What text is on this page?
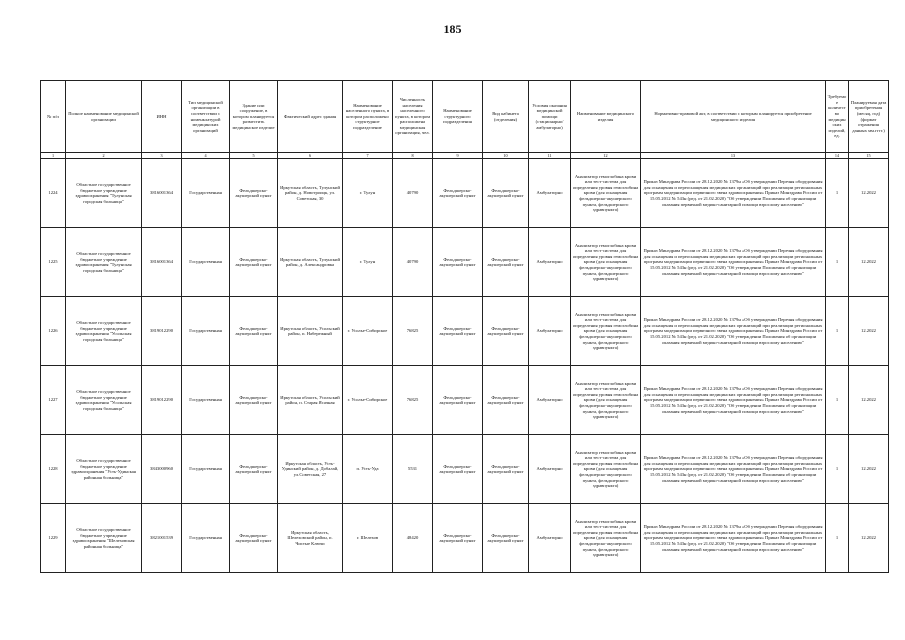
185
№ п/п	Полное наименование медицинской организации	ИНН	Тип медицинской организации в соответствии с номенклатурой медицинских организаций	Здание или сооружение, в котором планируется разместить медицинское изделие	Фактический адрес здания	Наименование населенного пункта, в котором расположено структурное подразделение	Численность населения населенного пункта, в котором расположена медицинская организация, чел.	Наименование структурного подразделения	Вид кабинета (отделения)	Условия оказания медицинской помощи (стационарно/амбулаторно)	Наименование медицинского изделия	Нормативно-правовой акт, в соответствии с которым планируется приобретение медицинского изделия	Требуемое количество медицинских изделий, ед.	Планируемая дата приобретения (месяц, год) (формат отражения данных мм.гггг.)
1	2	3	4	5	6	7	8	9	10	11	12	13	14	15
1224	Областное государственное бюджетное учреждение здравоохранения "Тулунская городская больница"	3816001364	Государственная	Фельдшерско-акушерский пункт	Иркутская область, Тулунский район, д. Новотроицк, ул. Советская, 30	г. Тулун	40790	Фельдшерско-акушерский пункт	Фельдшерско-акушерский пункт	Амбулаторно	Анализатор гемоглобина крови или тест-система для определения уровня гемоглобина крови (для оснащения фельдшерско-акушерского пункта, фельдшерского здравпункта)	Приказ Минздрава России от 28.12.2020 № 1379н «Об утверждении Перечня оборудования для оснащения и переоснащения медицинских организаций при реализации региональных программ модернизации первичного звена здравоохранения» Приказ Минздрава России от 15.05.2012 № 543н (ред. от 21.02.2020) "Об утверждении Положения об организации оказания первичной медико-санитарной помощи взрослому населению"	1	12.2022
1225	Областное государственное бюджетное учреждение здравоохранения "Тулунская городская больница"	3816001364	Государственная	Фельдшерско-акушерский пункт	Иркутская область, Тулунский район, д. Александровка	г. Тулун	40790	Фельдшерско-акушерский пункт	Фельдшерско-акушерский пункт	Амбулаторно	Анализатор гемоглобина крови или тест-система для определения уровня гемоглобина крови (для оснащения фельдшерско-акушерского пункта, фельдшерского здравпункта)	Приказ Минздрава России от 28.12.2020 № 1379н «Об утверждении Перечня оборудования для оснащения и переоснащения медицинских организаций при реализации региональных программ модернизации первичного звена здравоохранения» Приказ Минздрава России от 15.05.2012 № 543н (ред. от 21.02.2020) "Об утверждении Положения об организации оказания первичной медико-санитарной помощи взрослому населению"	1	12.2022
1226	Областное государственное бюджетное учреждение здравоохранения "Усольская городская больница"	3819012290	Государственная	Фельдшерско-акушерский пункт	Иркутская область, Усольский район, п. Набережный	г. Усолье-Сибирское	76825	Фельдшерско-акушерский пункт	Фельдшерско-акушерский пункт	Амбулаторно	Анализатор гемоглобина крови или тест-система для определения уровня гемоглобина крови (для оснащения фельдшерско-акушерского пункта, фельдшерского здравпункта)	Приказ Минздрава России от 28.12.2020 № 1379н «Об утверждении Перечня оборудования для оснащения и переоснащения медицинских организаций при реализации региональных программ модернизации первичного звена здравоохранения» Приказ Минздрава России от 15.05.2012 № 543н (ред. от 21.02.2020) "Об утверждении Положения об организации оказания первичной медико-санитарной помощи взрослому населению"	1	12.2022
1227	Областное государственное бюджетное учреждение здравоохранения "Усольская городская больница"	3819012290	Государственная	Фельдшерско-акушерский пункт	Иркутская область, Усольский район, п. Старая Ясачная	г. Усолье-Сибирское	76825	Фельдшерско-акушерский пункт	Фельдшерско-акушерский пункт	Амбулаторно	Анализатор гемоглобина крови или тест-система для определения уровня гемоглобина крови (для оснащения фельдшерско-акушерского пункта, фельдшерского здравпункта)	Приказ Минздрава России от 28.12.2020 № 1379н «Об утверждении Перечня оборудования для оснащения и переоснащения медицинских организаций при реализации региональных программ модернизации первичного звена здравоохранения» Приказ Минздрава России от 15.05.2012 № 543н (ред. от 21.02.2020) "Об утверждении Положения об организации оказания первичной медико-санитарной помощи взрослому населению"	1	12.2022
1228	Областное государственное бюджетное учреждение здравоохранения "Усть-Удинская районная больница"	3843000960	Государственная	Фельдшерско-акушерский пункт	Иркутская область, Усть-Удинский район, д. Добалай, ул.Советская, 27	п. Усть-Уда	5531	Фельдшерско-акушерский пункт	Фельдшерско-акушерский пункт	Амбулаторно	Анализатор гемоглобина крови или тест-система для определения уровня гемоглобина крови (для оснащения фельдшерско-акушерского пункта, фельдшерского здравпункта)	Приказ Минздрава России от 28.12.2020 № 1379н «Об утверждении Перечня оборудования для оснащения и переоснащения медицинских организаций при реализации региональных программ модернизации первичного звена здравоохранения» Приказ Минздрава России от 15.05.2012 № 543н (ред. от 21.02.2020) "Об утверждении Положения об организации оказания первичной медико-санитарной помощи взрослому населению"	1	12.2022
1229	Областное государственное бюджетное учреждение здравоохранения "Шелеховская районная больница"	3821001539	Государственная	Фельдшерско-акушерский пункт	Иркутская область, Шелеховский район, п. Чистые Ключи	г. Шелехов	48420	Фельдшерско-акушерский пункт	Фельдшерско-акушерский пункт	Амбулаторно	Анализатор гемоглобина крови или тест-система для определения уровня гемоглобина крови (для оснащения фельдшерско-акушерского пункта, фельдшерского здравпункта)	Приказ Минздрава России от 28.12.2020 № 1379н «Об утверждении Перечня оборудования для оснащения и переоснащения медицинских организаций при реализации региональных программ модернизации первичного звена здравоохранения» Приказ Минздрава России от 15.05.2012 № 543н (ред. от 21.02.2020) "Об утверждении Положения об организации оказания первичной медико-санитарной помощи взрослому населению"	1	12.2022
